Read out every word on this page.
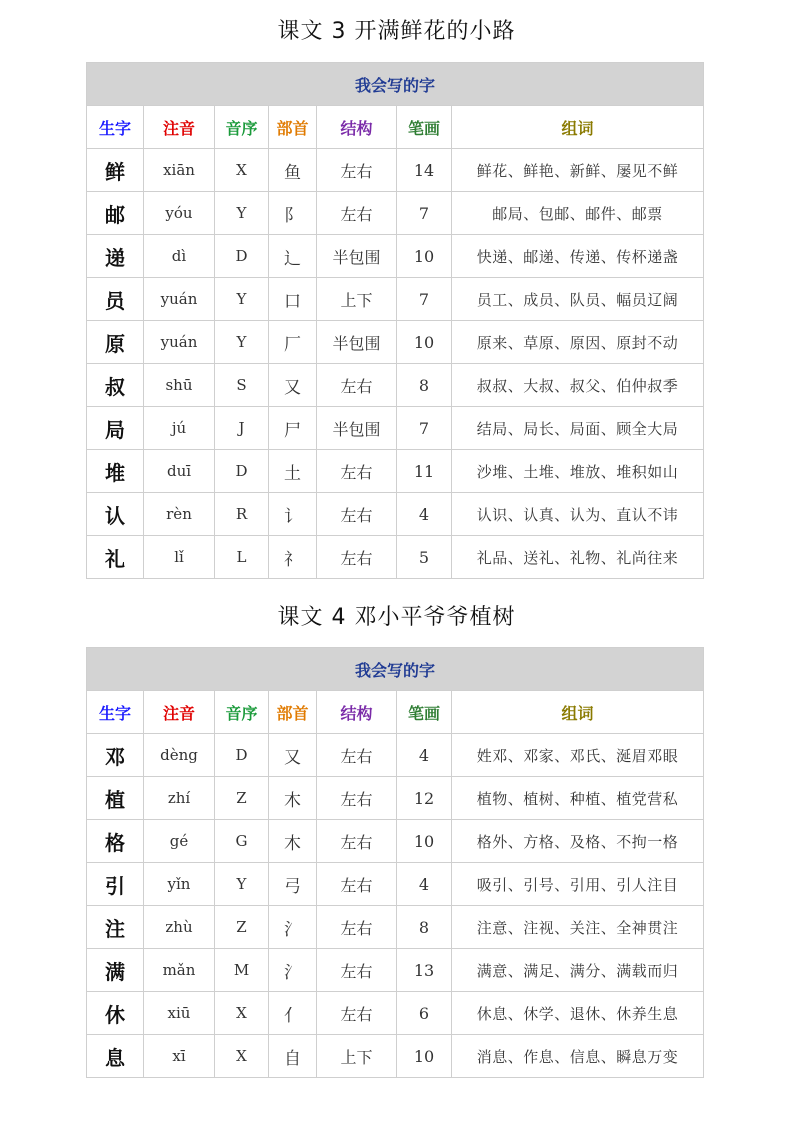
课文 3 开满鲜花的小路
我会写的字						
生字	注音	音序	部首	结构	笔画	组词
鲜	xiān	X	鱼	左右	14	鲜花、鲜艳、新鲜、屡见不鲜
邮	yóu	Y	阝	左右	7	邮局、包邮、邮件、邮票
递	dì	D	辶	半包围	10	快递、邮递、传递、传杯递盏
员	yuán	Y	口	上下	7	员工、成员、队员、幅员辽阔
原	yuán	Y	厂	半包围	10	原来、草原、原因、原封不动
叔	shū	S	又	左右	8	叔叔、大叔、叔父、伯仲叔季
局	jú	J	尸	半包围	7	结局、局长、局面、顾全大局
堆	duī	D	土	左右	11	沙堆、土堆、堆放、堆积如山
认	rèn	R	讠	左右	4	认识、认真、认为、直认不讳
礼	lǐ	L	礻	左右	5	礼品、送礼、礼物、礼尚往来
课文 4 邓小平爷爷植树
我会写的字						
生字	注音	音序	部首	结构	笔画	组词
邓	dèng	D	又	左右	4	姓邓、邓家、邓氏、涎眉邓眼
植	zhí	Z	木	左右	12	植物、植树、种植、植党营私
格	gé	G	木	左右	10	格外、方格、及格、不拘一格
引	yǐn	Y	弓	左右	4	吸引、引号、引用、引人注目
注	zhù	Z	氵	左右	8	注意、注视、关注、全神贯注
满	mǎn	M	氵	左右	13	满意、满足、满分、满载而归
休	xiū	X	亻	左右	6	休息、休学、退休、休养生息
息	xī	X	自	上下	10	消息、作息、信息、瞬息万变
